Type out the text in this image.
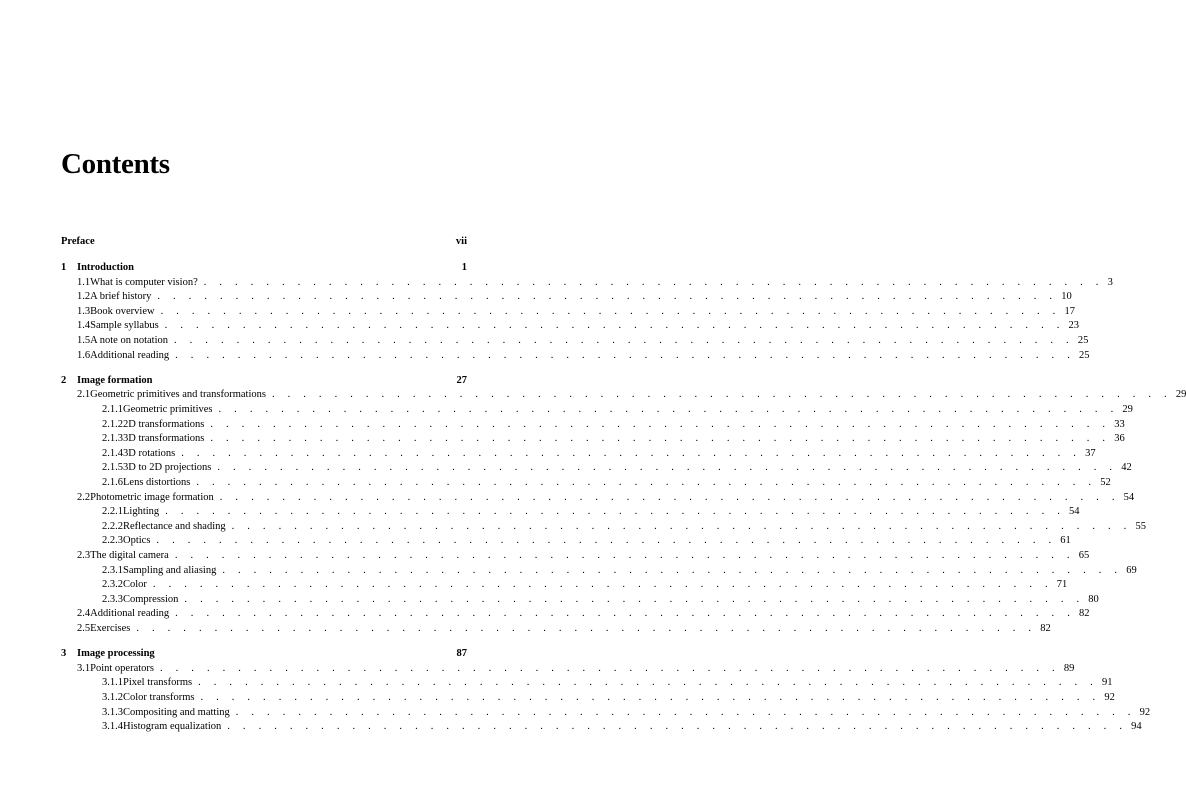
Contents
Preface	vii
1	Introduction	1
1.1 What is computer vision? . . . . . . . . . . . . . . . . . . . . . . . . . . . . . . . . . . . . . . . . . . . . . . . . . . . . . . . . . . 3
1.2 A brief history . . . . . . . . . . . . . . . . . . . . . . . . . . . . . . . . . . . . . . . . . . . . . . . . . . . . . . . . . . 10
1.3 Book overview . . . . . . . . . . . . . . . . . . . . . . . . . . . . . . . . . . . . . . . . . . . . . . . . . . . . . . . . . . 17
1.4 Sample syllabus . . . . . . . . . . . . . . . . . . . . . . . . . . . . . . . . . . . . . . . . . . . . . . . . . . . . . . . . . . 23
1.5 A note on notation . . . . . . . . . . . . . . . . . . . . . . . . . . . . . . . . . . . . . . . . . . . . . . . . . . . . . . . . . . 25
1.6 Additional reading . . . . . . . . . . . . . . . . . . . . . . . . . . . . . . . . . . . . . . . . . . . . . . . . . . . . . . . . . . 25
2	Image formation	27
2.1 Geometric primitives and transformations . . . . . . . . . . . . . . . . . . . . . . . . . . . . . . . . . . . . . . . . . . . . . . . . . . . . . . . . . . 29
2.1.1 Geometric primitives . . . . . . . . . . . . . . . . . . . . . . . . . . . . . . . . . . . . . . . . . . . . . . . . . . . . . . . . . . 29
2.1.2 2D transformations . . . . . . . . . . . . . . . . . . . . . . . . . . . . . . . . . . . . . . . . . . . . . . . . . . . . . . . . . . 33
2.1.3 3D transformations . . . . . . . . . . . . . . . . . . . . . . . . . . . . . . . . . . . . . . . . . . . . . . . . . . . . . . . . . . 36
2.1.4 3D rotations . . . . . . . . . . . . . . . . . . . . . . . . . . . . . . . . . . . . . . . . . . . . . . . . . . . . . . . . . . 37
2.1.5 3D to 2D projections . . . . . . . . . . . . . . . . . . . . . . . . . . . . . . . . . . . . . . . . . . . . . . . . . . . . . . . . . . 42
2.1.6 Lens distortions . . . . . . . . . . . . . . . . . . . . . . . . . . . . . . . . . . . . . . . . . . . . . . . . . . . . . . . . . . 52
2.2 Photometric image formation . . . . . . . . . . . . . . . . . . . . . . . . . . . . . . . . . . . . . . . . . . . . . . . . . . . . . . . . . . 54
2.2.1 Lighting . . . . . . . . . . . . . . . . . . . . . . . . . . . . . . . . . . . . . . . . . . . . . . . . . . . . . . . . . . 54
2.2.2 Reflectance and shading . . . . . . . . . . . . . . . . . . . . . . . . . . . . . . . . . . . . . . . . . . . . . . . . . . . . . . . . . . 55
2.2.3 Optics . . . . . . . . . . . . . . . . . . . . . . . . . . . . . . . . . . . . . . . . . . . . . . . . . . . . . . . . . . 61
2.3 The digital camera . . . . . . . . . . . . . . . . . . . . . . . . . . . . . . . . . . . . . . . . . . . . . . . . . . . . . . . . . . 65
2.3.1 Sampling and aliasing . . . . . . . . . . . . . . . . . . . . . . . . . . . . . . . . . . . . . . . . . . . . . . . . . . . . . . . . . . 69
2.3.2 Color . . . . . . . . . . . . . . . . . . . . . . . . . . . . . . . . . . . . . . . . . . . . . . . . . . . . . . . . . . 71
2.3.3 Compression . . . . . . . . . . . . . . . . . . . . . . . . . . . . . . . . . . . . . . . . . . . . . . . . . . . . . . . . . . 80
2.4 Additional reading . . . . . . . . . . . . . . . . . . . . . . . . . . . . . . . . . . . . . . . . . . . . . . . . . . . . . . . . . . 82
2.5 Exercises . . . . . . . . . . . . . . . . . . . . . . . . . . . . . . . . . . . . . . . . . . . . . . . . . . . . . . . . . . 82
3	Image processing	87
3.1 Point operators . . . . . . . . . . . . . . . . . . . . . . . . . . . . . . . . . . . . . . . . . . . . . . . . . . . . . . . . . . 89
3.1.1 Pixel transforms . . . . . . . . . . . . . . . . . . . . . . . . . . . . . . . . . . . . . . . . . . . . . . . . . . . . . . . . . . 91
3.1.2 Color transforms . . . . . . . . . . . . . . . . . . . . . . . . . . . . . . . . . . . . . . . . . . . . . . . . . . . . . . . . . . 92
3.1.3 Compositing and matting . . . . . . . . . . . . . . . . . . . . . . . . . . . . . . . . . . . . . . . . . . . . . . . . . . . . . . . . . . 92
3.1.4 Histogram equalization . . . . . . . . . . . . . . . . . . . . . . . . . . . . . . . . . . . . . . . . . . . . . . . . . . . . . . . . . . 94
